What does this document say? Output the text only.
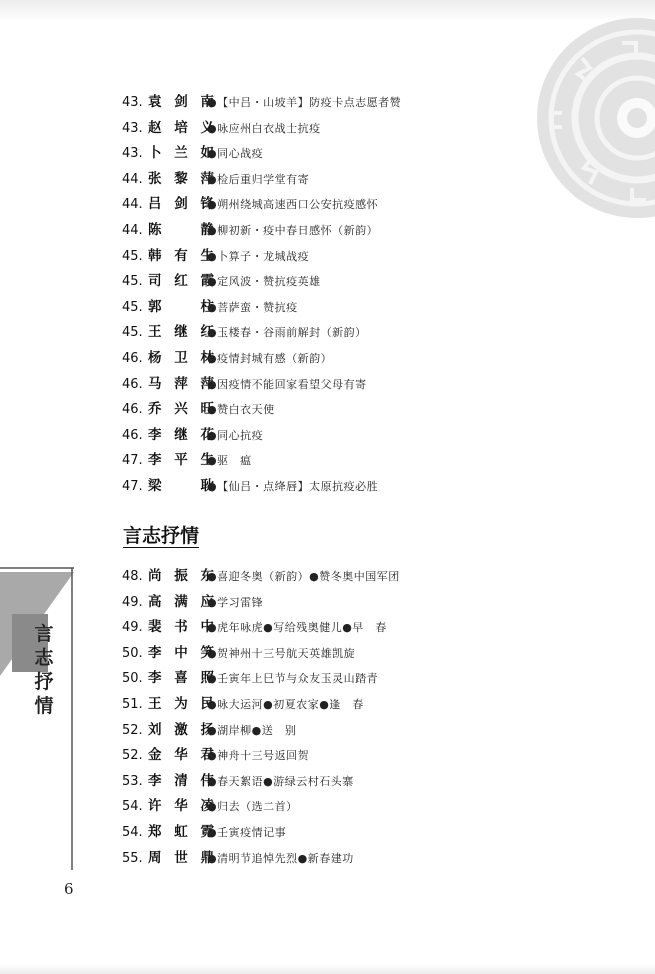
43. 袁剑南
●【中吕・山坡羊】防疫卡点志愿者赞
43. 赵培义
●咏应州白衣战士抗疫
43. 卜兰如
●同心战疫
44. 张黎萍
●检后重归学堂有寄
44. 吕剑锋
●朔州绕城高速西口公安抗疫感怀
44. 陈　静
●柳初新・疫中春日感怀（新韵）
45. 韩有生
●卜算子・龙城战疫
45. 司红霞
●定风波・赞抗疫英雄
45. 郭　柱
●菩萨蛮・赞抗疫
45. 王继红
●玉楼春・谷雨前解封（新韵）
46. 杨卫林
●疫情封城有感（新韵）
46. 马萍萍
●因疫情不能回家看望父母有寄
46. 乔兴旺
●赞白衣天使
46. 李继花
●同心抗疫
47. 李平生
●驱　瘟
47. 梁　耿
●【仙吕・点绛唇】太原抗疫必胜
言志抒情
48. 尚振东
●喜迎冬奥（新韵）●赞冬奥中国军团
49. 高满应
●学习雷锋
49. 裴书中
●虎年咏虎●写给残奥健儿●早　春
50. 李中笑
●贺神州十三号航天英雄凯旋
50. 李喜照
●壬寅年上巳节与众友玉灵山踏青
51. 王为民
●咏大运河●初夏农家●逢　春
52. 刘激扬
●湖岸柳●送　别
52. 金华君
●神舟十三号返回贺
53. 李清伟
●春天絮语●游绿云村石头寨
54. 许华凌
●归去（选二首）
54. 郑虹霓
●壬寅疫情记事
55. 周世鼎
●清明节追悼先烈●新春建功
言志抒情
6
